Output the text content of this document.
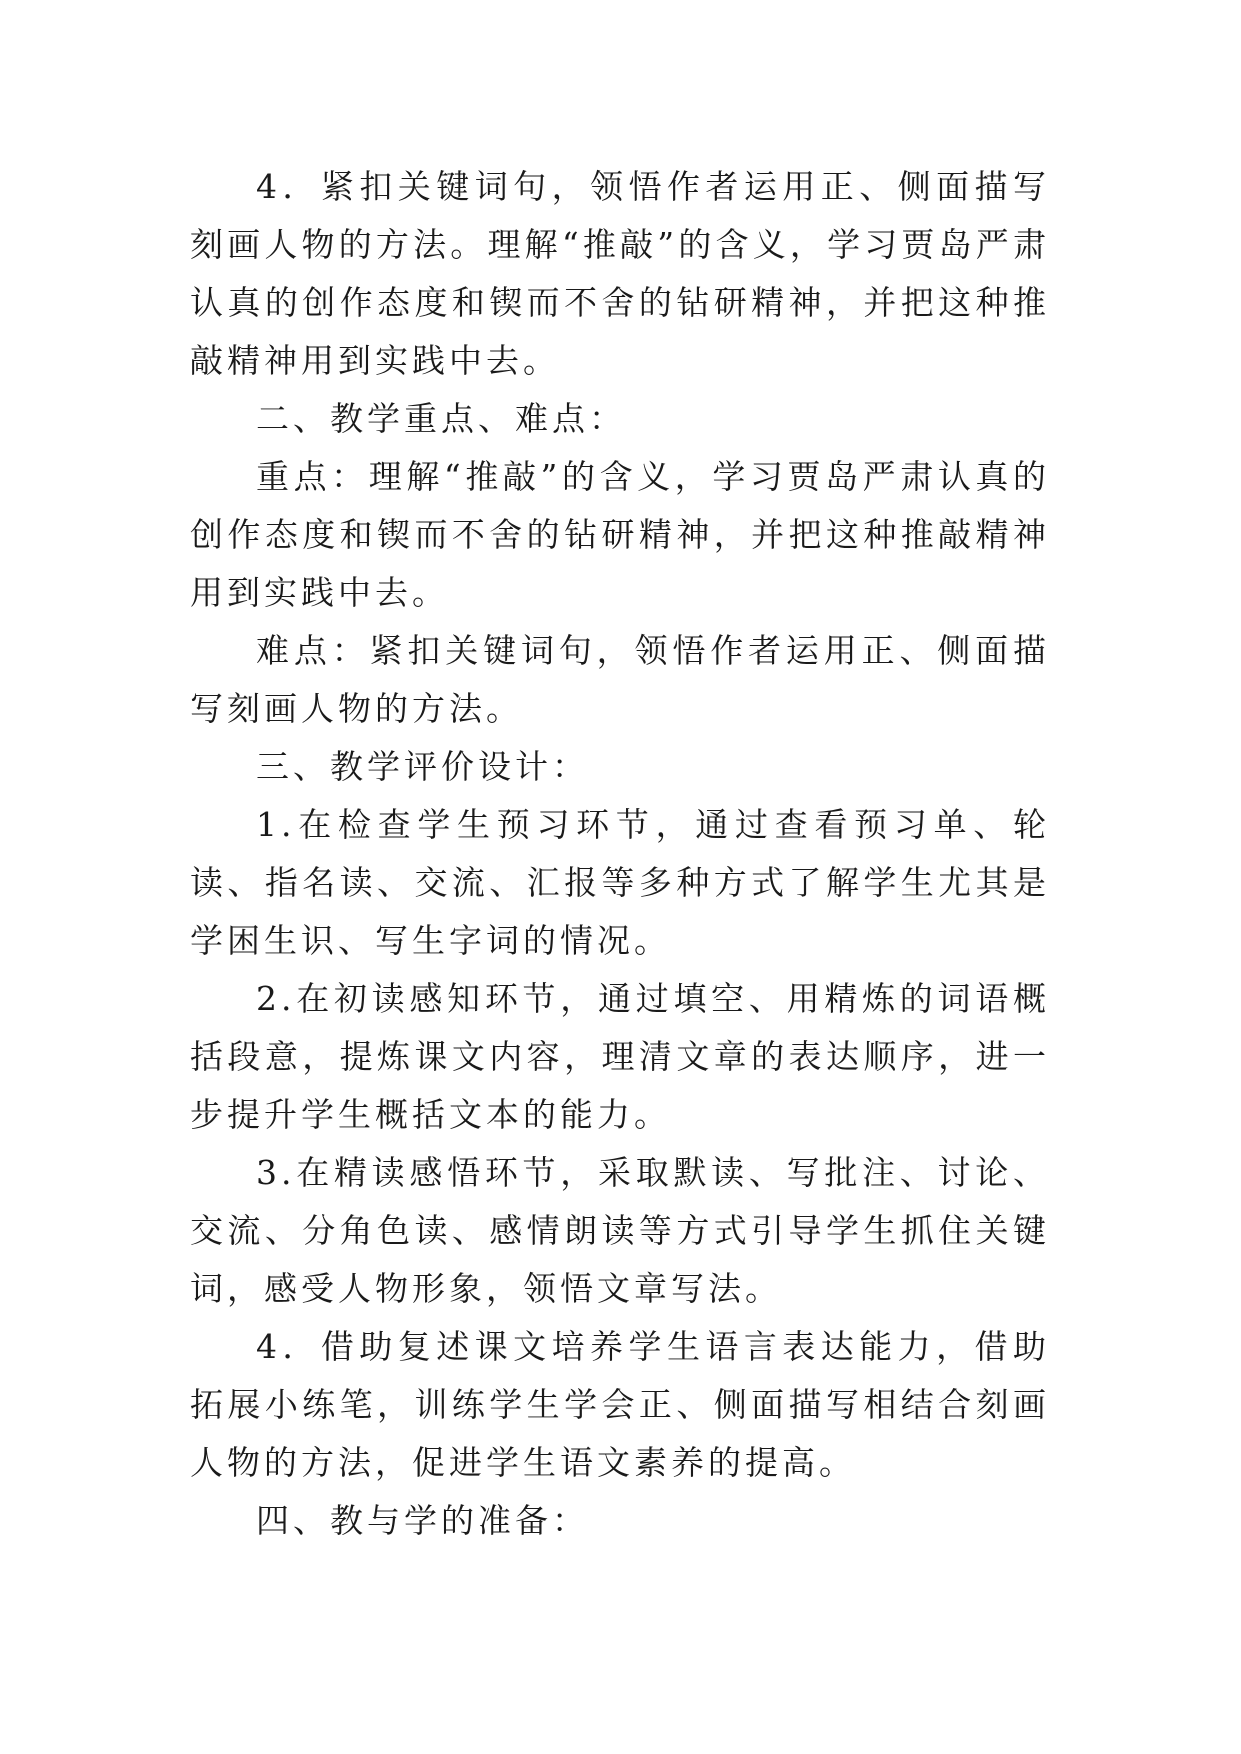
4．紧扣关键词句，领悟作者运用正、侧面描写刻画人物的方法。理解“推敲”的含义，学习贾岛严肃认真的创作态度和锲而不舍的钻研精神，并把这种推敲精神用到实践中去。

二、教学重点、难点：

重点：理解“推敲”的含义，学习贾岛严肃认真的创作态度和锲而不舍的钻研精神，并把这种推敲精神用到实践中去。

难点：紧扣关键词句，领悟作者运用正、侧面描写刻画人物的方法。

三、教学评价设计：

1.在检查学生预习环节，通过查看预习单、轮读、指名读、交流、汇报等多种方式了解学生尤其是学困生识、写生字词的情况。

2.在初读感知环节，通过填空、用精炼的词语概括段意，提炼课文内容，理清文章的表达顺序，进一步提升学生概括文本的能力。

3.在精读感悟环节，采取默读、写批注、讨论、交流、分角色读、感情朗读等方式引导学生抓住关键词，感受人物形象，领悟文章写法。

4．借助复述课文培养学生语言表达能力，借助拓展小练笔，训练学生学会正、侧面描写相结合刻画人物的方法，促进学生语文素养的提高。

四、教与学的准备：
